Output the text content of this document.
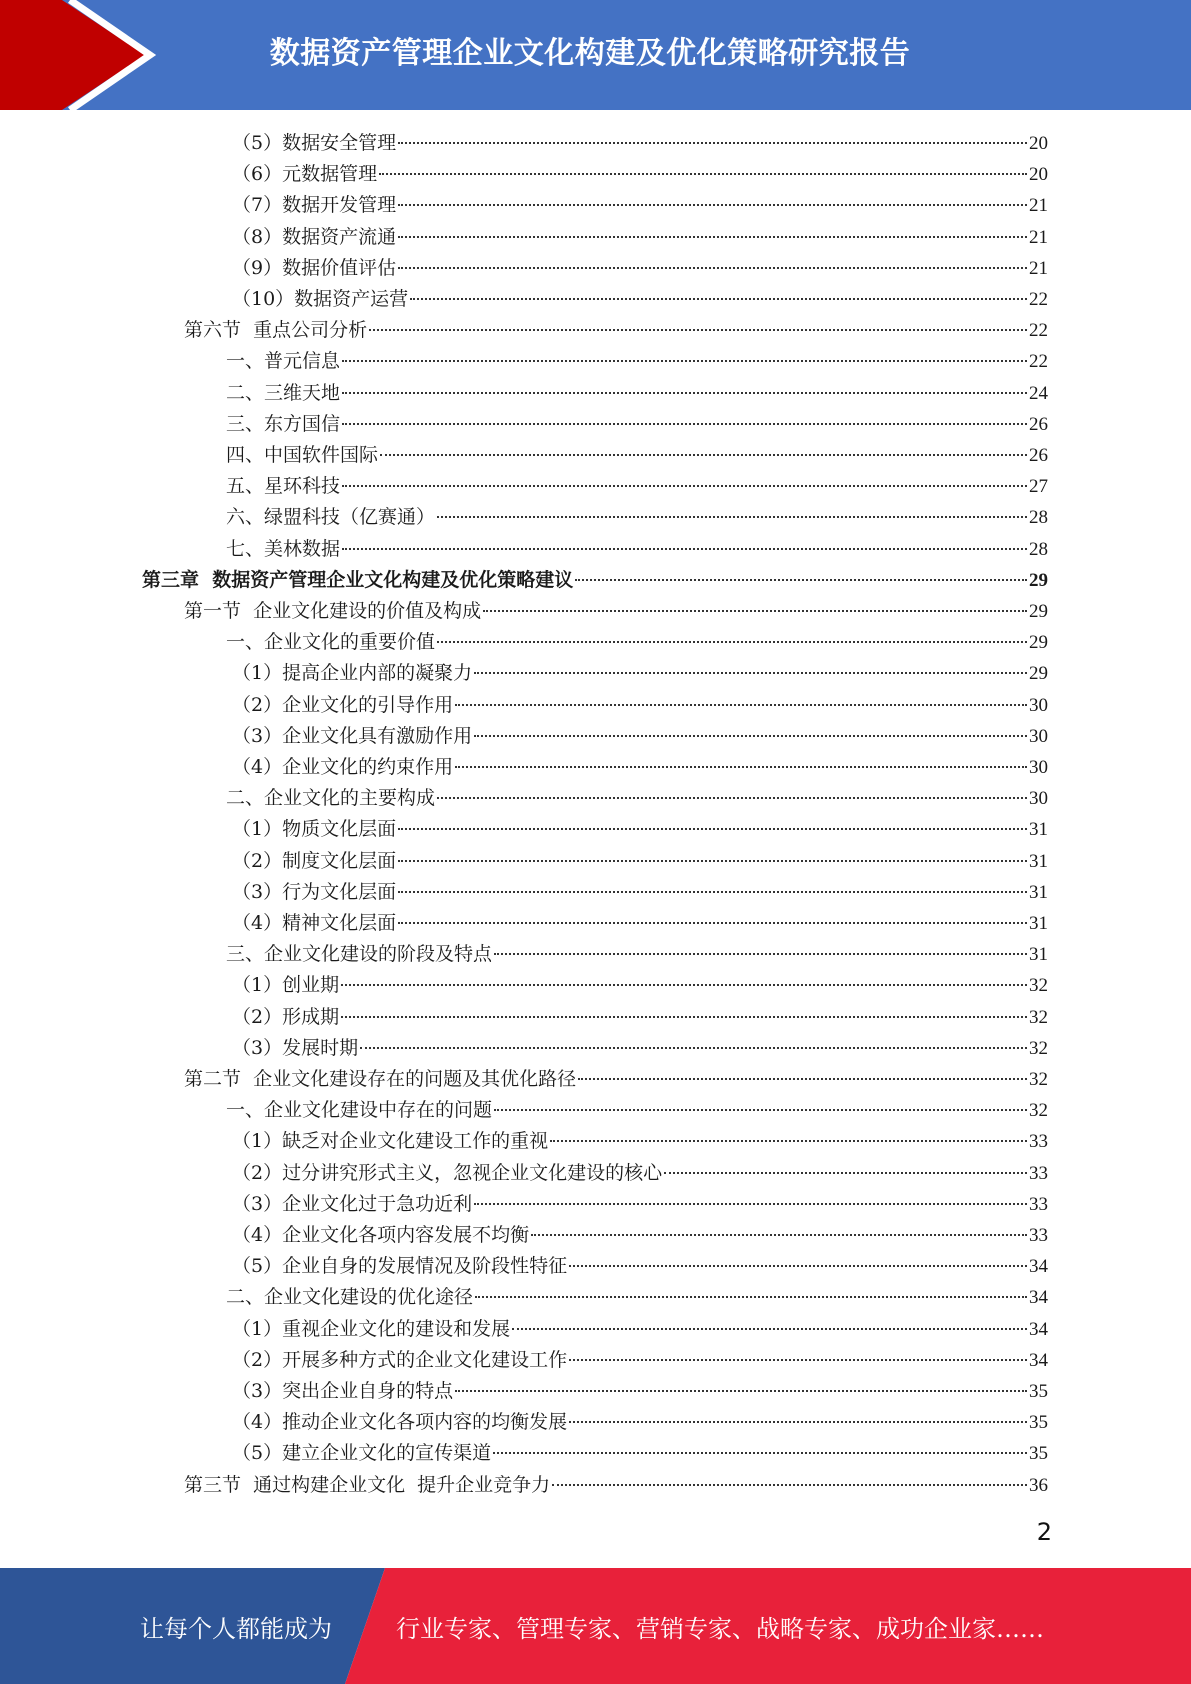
数据资产管理企业文化构建及优化策略研究报告
（5）数据安全管理	20
（6）元数据管理	20
（7）数据开发管理	21
（8）数据资产流通	21
（9）数据价值评估	21
（10）数据资产运营	22
第六节  重点公司分析	22
一、普元信息	22
二、三维天地	24
三、东方国信	26
四、中国软件国际	26
五、星环科技	27
六、绿盟科技（亿赛通）	28
七、美林数据	28
第三章  数据资产管理企业文化构建及优化策略建议	29
第一节  企业文化建设的价值及构成	29
一、企业文化的重要价值	29
（1）提高企业内部的凝聚力	29
（2）企业文化的引导作用	30
（3）企业文化具有激励作用	30
（4）企业文化的约束作用	30
二、企业文化的主要构成	30
（1）物质文化层面	31
（2）制度文化层面	31
（3）行为文化层面	31
（4）精神文化层面	31
三、企业文化建设的阶段及特点	31
（1）创业期	32
（2）形成期	32
（3）发展时期	32
第二节  企业文化建设存在的问题及其优化路径	32
一、企业文化建设中存在的问题	32
（1）缺乏对企业文化建设工作的重视	33
（2）过分讲究形式主义，忽视企业文化建设的核心	33
（3）企业文化过于急功近利	33
（4）企业文化各项内容发展不均衡	33
（5）企业自身的发展情况及阶段性特征	34
二、企业文化建设的优化途径	34
（1）重视企业文化的建设和发展	34
（2）开展多种方式的企业文化建设工作	34
（3）突出企业自身的特点	35
（4）推动企业文化各项内容的均衡发展	35
（5）建立企业文化的宣传渠道	35
第三节  通过构建企业文化  提升企业竞争力	36
2
让每个人都能成为	行业专家、管理专家、营销专家、战略专家、成功企业家……
